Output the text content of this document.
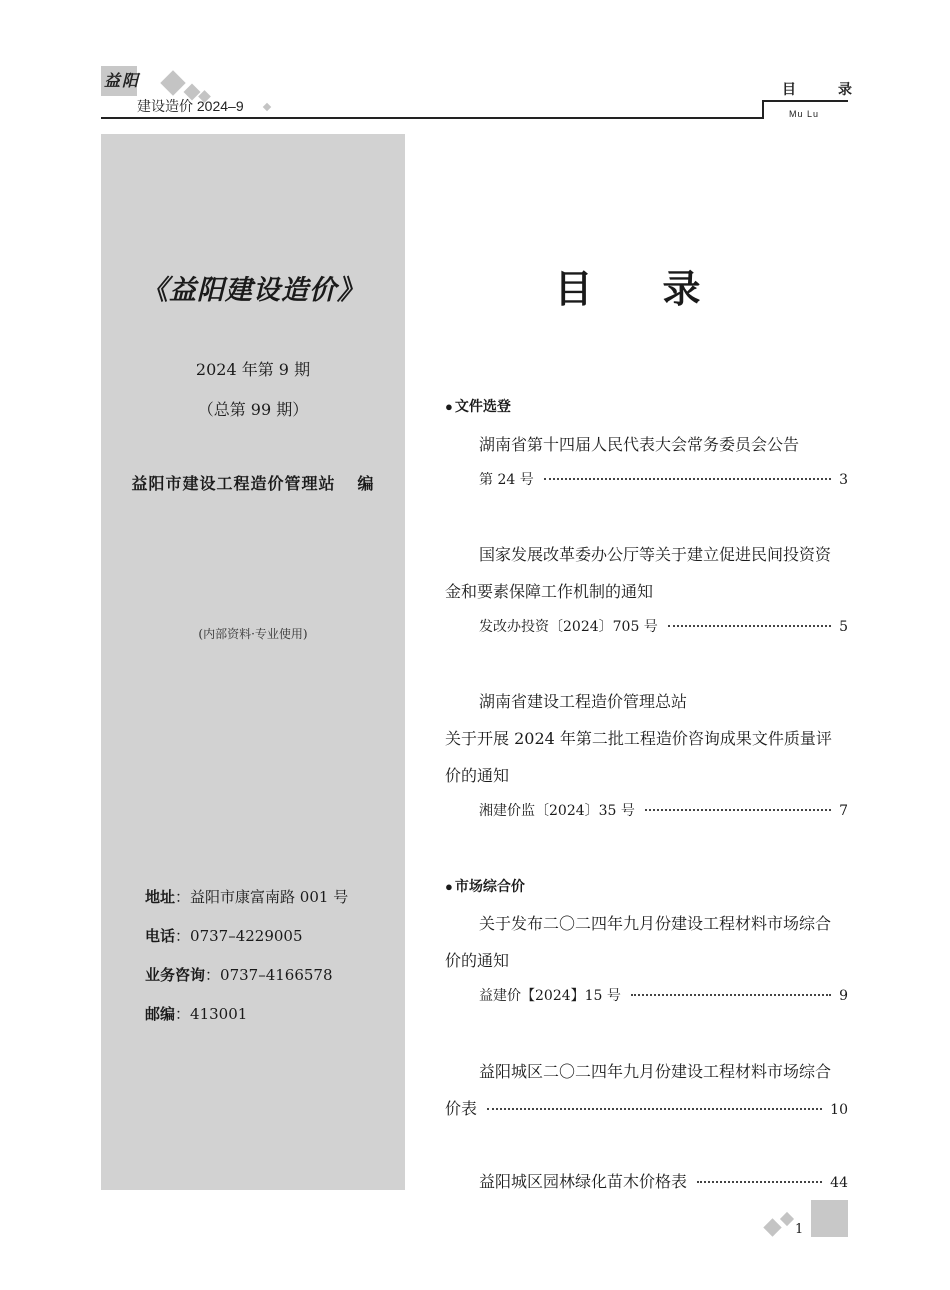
益阳
建设造价 2024–9
目　录
Mu Lu
《益阳建设造价》
2024 年第 9 期
（总第 99 期）
益阳市建设工程造价管理站 编
(内部资料·专业使用)
地址：益阳市康富南路 001 号
电话：0737–4229005
业务咨询：0737–4166578
邮编：413001
目 录
● 文件选登
湖南省第十四届人民代表大会常务委员会公告
第 24 号	3
国家发展改革委办公厅等关于建立促进民间投资资
金和要素保障工作机制的通知
发改办投资〔2024〕705 号	5
湖南省建设工程造价管理总站
关于开展 2024 年第二批工程造价咨询成果文件质量评
价的通知
湘建价监〔2024〕35 号	7
● 市场综合价
关于发布二〇二四年九月份建设工程材料市场综合
价的通知
益建价【2024】15 号	9
益阳城区二〇二四年九月份建设工程材料市场综合
价表	10
益阳城区园林绿化苗木价格表	44
1
